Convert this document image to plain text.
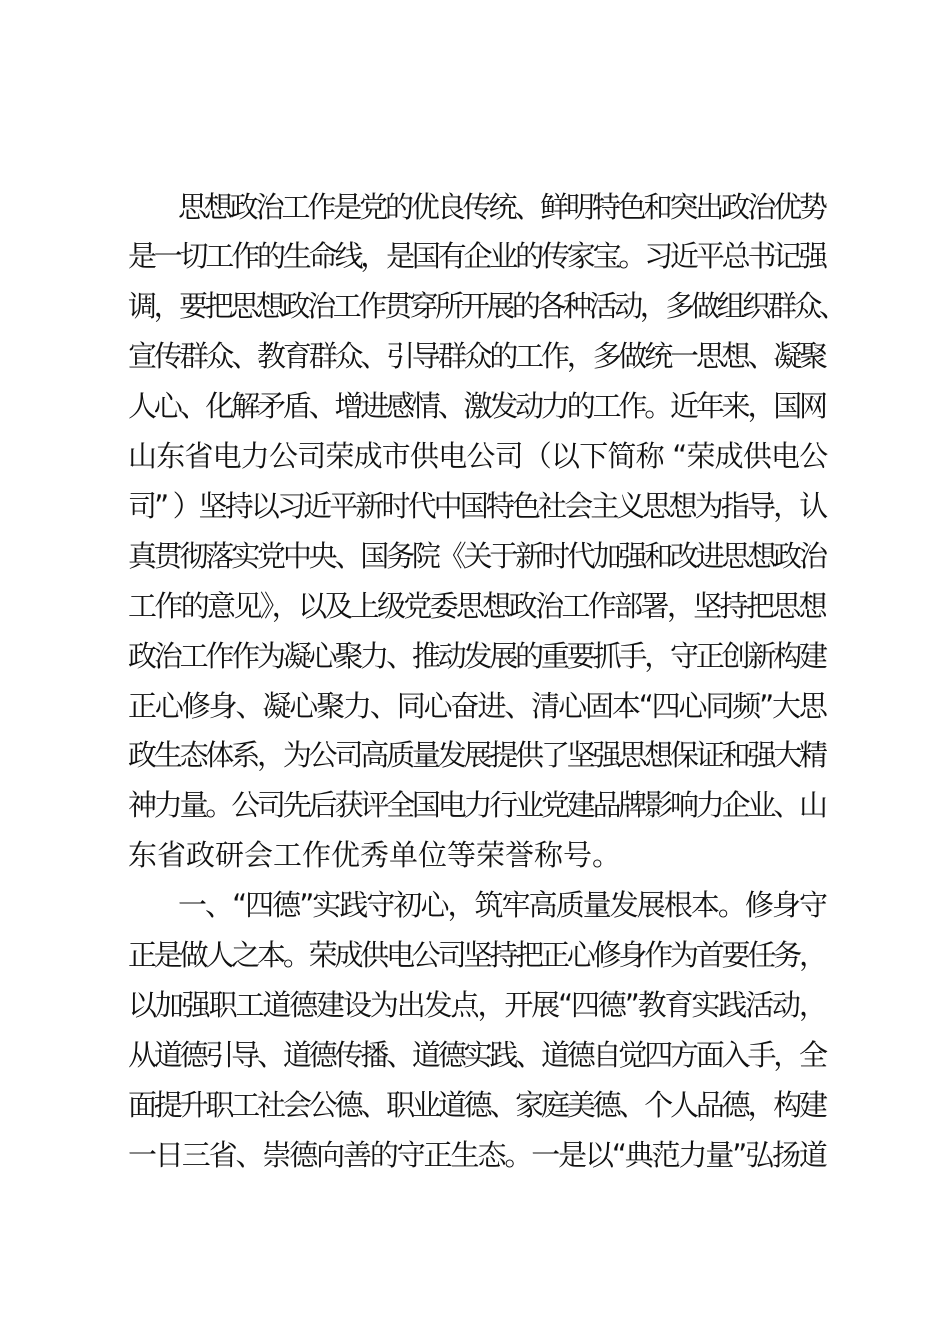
思想政治工作是党的优良传统、鲜明特色和突出政治优势
是一切工作的生命线，是国有企业的传家宝。习近平总书记强
调，要把思想政治工作贯穿所开展的各种活动，多做组织群众、
宣传群众、教育群众、引导群众的工作，多做统一思想、凝聚
人心、化解矛盾、增进感情、激发动力的工作。近年来，国网
山东省电力公司荣成市供电公司（以下简称 “荣成供电公
司” ）坚持以习近平新时代中国特色社会主义思想为指导，认
真贯彻落实党中央、国务院《关于新时代加强和改进思想政治
工作的意见》，以及上级党委思想政治工作部署，坚持把思想
政治工作作为凝心聚力、推动发展的重要抓手，守正创新构建
正心修身、凝心聚力、同心奋进、清心固本“四心同频”大思
政生态体系，为公司高质量发展提供了坚强思想保证和强大精
神力量。公司先后获评全国电力行业党建品牌影响力企业、山
东省政研会工作优秀单位等荣誉称号。
一、“四德”实践守初心，筑牢高质量发展根本。修身守
正是做人之本。荣成供电公司坚持把正心修身作为首要任务，
以加强职工道德建设为出发点，开展“四德”教育实践活动，
从道德引导、道德传播、道德实践、道德自觉四方面入手，全
面提升职工社会公德、职业道德、家庭美德、个人品德，构建
一日三省、崇德向善的守正生态。一是以“典范力量”弘扬道
